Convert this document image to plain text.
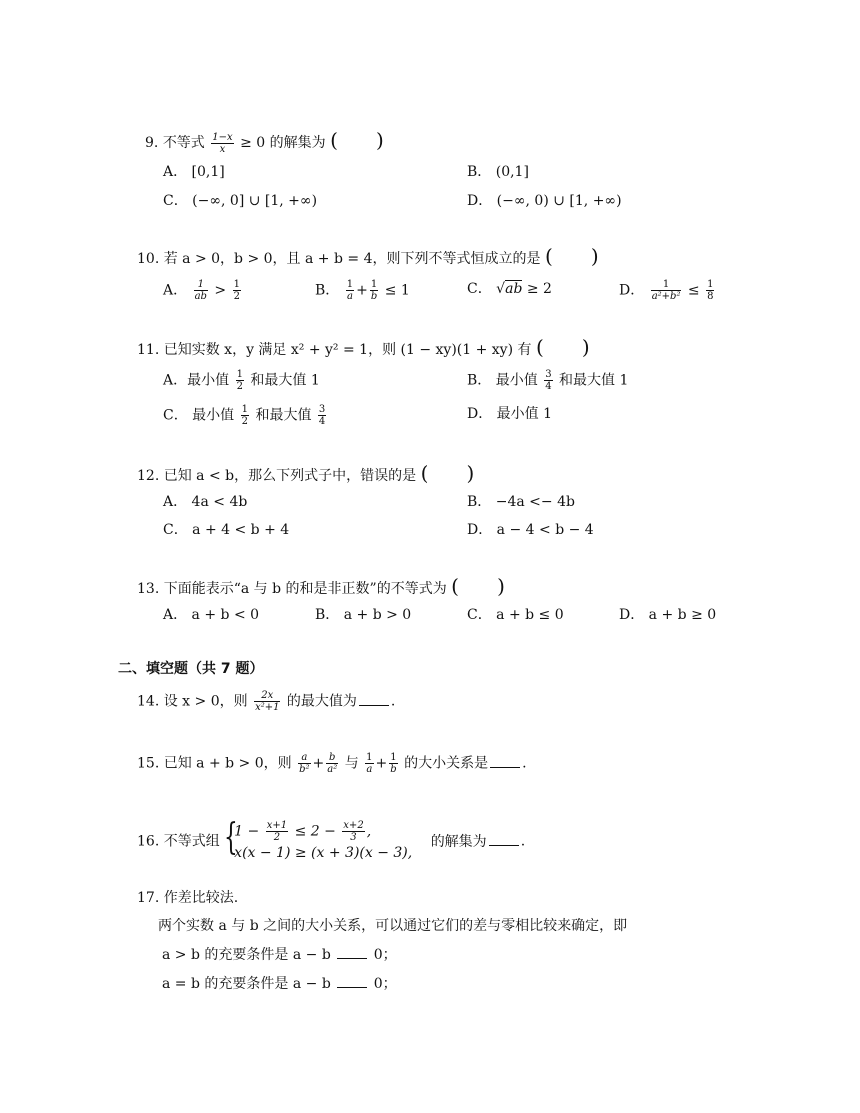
9. 不等式 $\frac{1-x}{x} \ge 0$ 的解集为 (      )
A． [0,1]	B． (0,1]
C． (−∞, 0] ∪ [1, +∞)	D． (−∞, 0) ∪ [1, +∞)
10. 若 a > 0，b > 0，且 a + b = 4，则下列不等式恒成立的是 (      )
A． $\frac{1}{ab} > \frac{1}{2}$	B． $\frac{1}{a} + \frac{1}{b} \le 1$	C． √ab ≥ 2	D． $\frac{1}{\text{a²+b²}} \le \frac{1}{8}$
11. 已知实数 x，y 满足 x² + y² = 1，则 (1 − xy)(1 + xy) 有 (      )
A．最小值 $\frac{1}{2}$ 和最大值 1	B． 最小值 $\frac{3}{4}$ 和最大值 1
C． 最小值 $\frac{1}{2}$ 和最大值 $\frac{3}{4}$	D． 最小值 1
12. 已知 a < b，那么下列式子中，错误的是 (      )
A． 4a < 4b	B． −4a <− 4b
C． a + 4 < b + 4	D． a − 4 < b − 4
13. 下面能表示“a 与 b 的和是非正数”的不等式为 (      )
A． a + b < 0	B． a + b > 0	C． a + b ≤ 0	D． a + b ≥ 0
二、填空题（共 7 题）
14. 设 x > 0，则 $\frac{2x}{\text{x²+1}}$ 的最大值为 .
15. 已知 a + b > 0，则 $\frac{a}{\text{b²}} + \frac{b}{\text{a²}}$ 与 $\frac{1}{a} + \frac{1}{b}$ 的大小关系是 .
16. 不等式组 {
$1 - \frac{x+1}{2} \le 2 - \frac{x+2}{3}$ ,
x(x − 1) ≥ (x + 3)(x − 3),
的解集为 .
17. 作差比较法.
两个实数 a 与 b 之间的大小关系，可以通过它们的差与零相比较来确定，即
a > b 的充要条件是 a − b	0；
a = b 的充要条件是 a − b	0；
